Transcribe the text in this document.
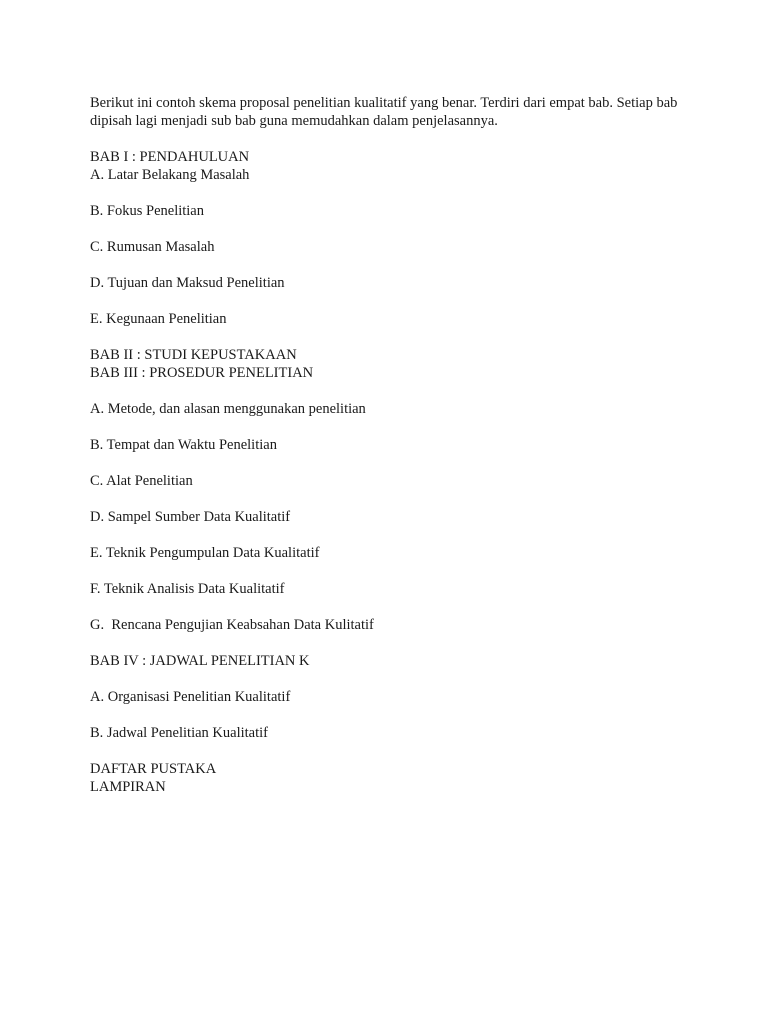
Berikut ini contoh skema proposal penelitian kualitatif yang benar. Terdiri dari empat bab. Setiap bab dipisah lagi menjadi sub bab guna memudahkan dalam penjelasannya.

BAB I : PENDAHULUAN

A. Latar Belakang Masalah

B. Fokus Penelitian

C. Rumusan Masalah

D. Tujuan dan Maksud Penelitian

E. Kegunaan Penelitian

BAB II : STUDI KEPUSTAKAAN

BAB III : PROSEDUR PENELITIAN

A. Metode, dan alasan menggunakan penelitian

B. Tempat dan Waktu Penelitian

C. Alat Penelitian

D. Sampel Sumber Data Kualitatif

E. Teknik Pengumpulan Data Kualitatif

F. Teknik Analisis Data Kualitatif

G.  Rencana Pengujian Keabsahan Data Kulitatif

BAB IV : JADWAL PENELITIAN K

A. Organisasi Penelitian Kualitatif

B. Jadwal Penelitian Kualitatif

DAFTAR PUSTAKA

LAMPIRAN
